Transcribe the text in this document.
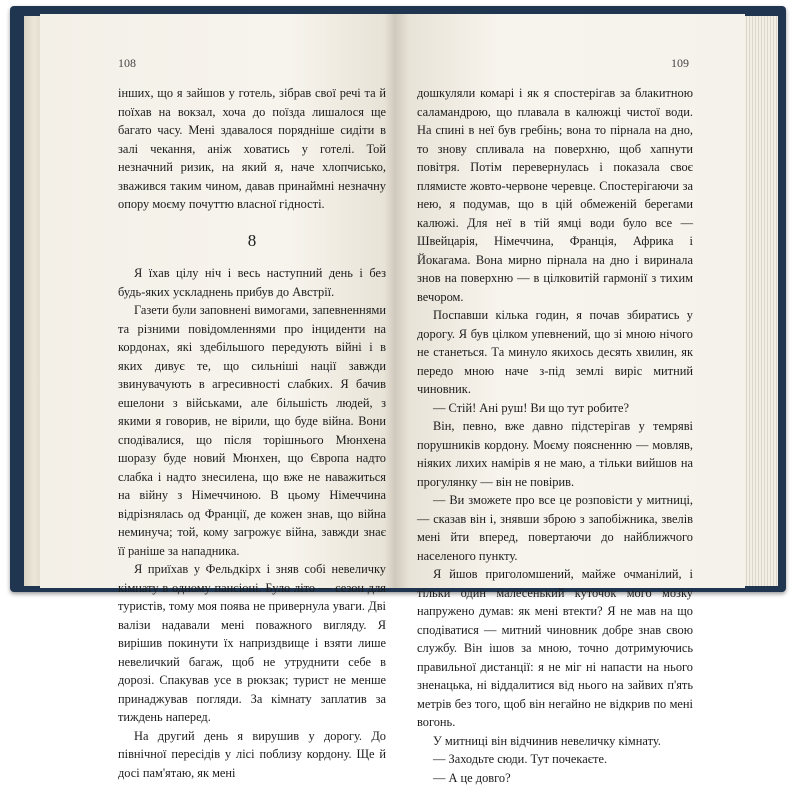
108

інших, що я зайшов у готель, зібрав свої речі та й поїхав на вокзал, хоча до поїзда лишалося ще багато часу. Мені здавалося порядніше сидіти в залі чекання, аніж ховатись у готелі. Той незначний ризик, на який я, наче хлопчисько, зважився таким чином, давав принаймні незначну опору моєму почуттю власної гідності.

8

Я їхав цілу ніч і весь наступний день і без будь-яких ускладнень прибув до Австрії.

Газети були заповнені вимогами, запевненнями та різними повідомленнями про інциденти на кордонах, які здебільшого передують війні і в яких дивує те, що сильніші нації завжди звинувачують в агресивності слабких. Я бачив ешелони з військами, але більшість людей, з якими я говорив, не вірили, що буде війна. Вони сподівалися, що після торішнього Мюнхена шоразу буде новий Мюнхен, що Європа надто слабка і надто знесилена, що вже не наважиться на війну з Німеччиною. В цьому Німеччина відрізнялась од Франції, де кожен знав, що війна неминуча; той, кому загрожує війна, завжди знає її раніше за нападника.

Я приїхав у Фельдкірх і зняв собі невеличку кімнату в одному пансіоні. Було літо — сезон для туристів, тому моя поява не привернула уваги. Дві валізи надавали мені поважного вигляду. Я вирішив покинути їх наприздвище і взяти лише невеличкий багаж, щоб не утруднити себе в дорозі. Спакував усе в рюкзак; турист не менше принаджував погляди. За кімнату заплатив за тиждень наперед.

На другий день я вирушив у дорогу. До північної пересідів у лісі поблизу кордону. Ще й досі пам'ятаю, як мені

109

дошкуляли комарі і як я спостерігав за блакитною саламандрою, що плавала в калюжці чистої води. На спині в неї був гребінь; вона то пірнала на дно, то знову спливала на поверхню, щоб хапнути повітря. Потім перевернулась і показала своє плямисте жовто-червоне черевце. Спостерігаючи за нею, я подумав, що в цій обмеженій берегами калюжі. Для неї в тій ямці води було все — Швейцарія, Німеччина, Франція, Африка і Йокагама. Вона мирно пірнала на дно і виринала знов на поверхню — в цілковитій гармонії з тихим вечором.

Поспавши кілька годин, я почав збиратись у дорогу. Я був цілком упевнений, що зі мною нічого не станеться. Та минуло якихось десять хвилин, як передо мною наче з-під землі виріс митний чиновник.

— Стій! Ані руш! Ви що тут робите?

Він, певно, вже давно підстерігав у темряві порушників кордону. Моєму поясненню — мовляв, ніяких лихих намірів я не маю, а тільки вийшов на прогулянку — він не повірив.

— Ви зможете про все це розповісти у митниці, — сказав він і, знявши зброю з запобіжника, звелів мені йти вперед, повертаючи до найближчого населеного пункту.

Я йшов приголомшений, майже очманілий, і тільки один малесенький куточок мого мозку напружено думав: як мені втекти? Я не мав на що сподіватися — митний чиновник добре знав свою службу. Він ішов за мною, точно дотримуючись правильної дистанції: я не міг ні напасти на нього зненацька, ні віддалитися від нього на зайвих п'ять метрів без того, щоб він негайно не відкрив по мені вогонь.

У митниці він відчинив невеличку кімнату.

— Заходьте сюди. Тут почекаєте.

— А це довго?
